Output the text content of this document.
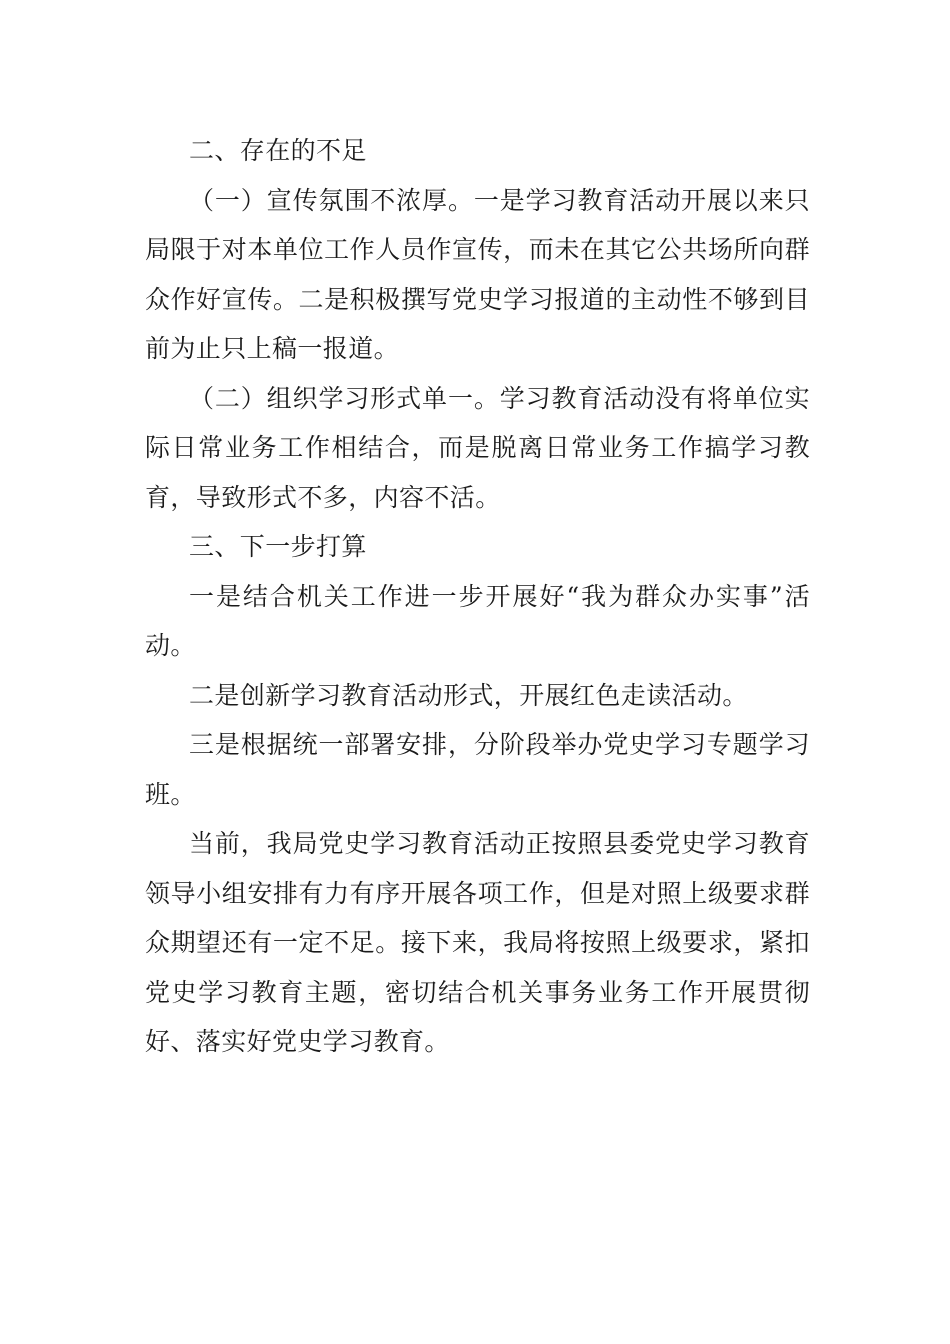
二、存在的不足

（一）宣传氛围不浓厚。一是学习教育活动开展以来只局限于对本单位工作人员作宣传，而未在其它公共场所向群众作好宣传。二是积极撰写党史学习报道的主动性不够到目前为止只上稿一报道。

（二）组织学习形式单一。学习教育活动没有将单位实际日常业务工作相结合，而是脱离日常业务工作搞学习教育，导致形式不多，内容不活。

三、下一步打算

一是结合机关工作进一步开展好“我为群众办实事”活动。

二是创新学习教育活动形式，开展红色走读活动。

三是根据统一部署安排，分阶段举办党史学习专题学习班。

当前，我局党史学习教育活动正按照县委党史学习教育领导小组安排有力有序开展各项工作，但是对照上级要求群众期望还有一定不足。接下来，我局将按照上级要求，紧扣党史学习教育主题，密切结合机关事务业务工作开展贯彻好、落实好党史学习教育。
